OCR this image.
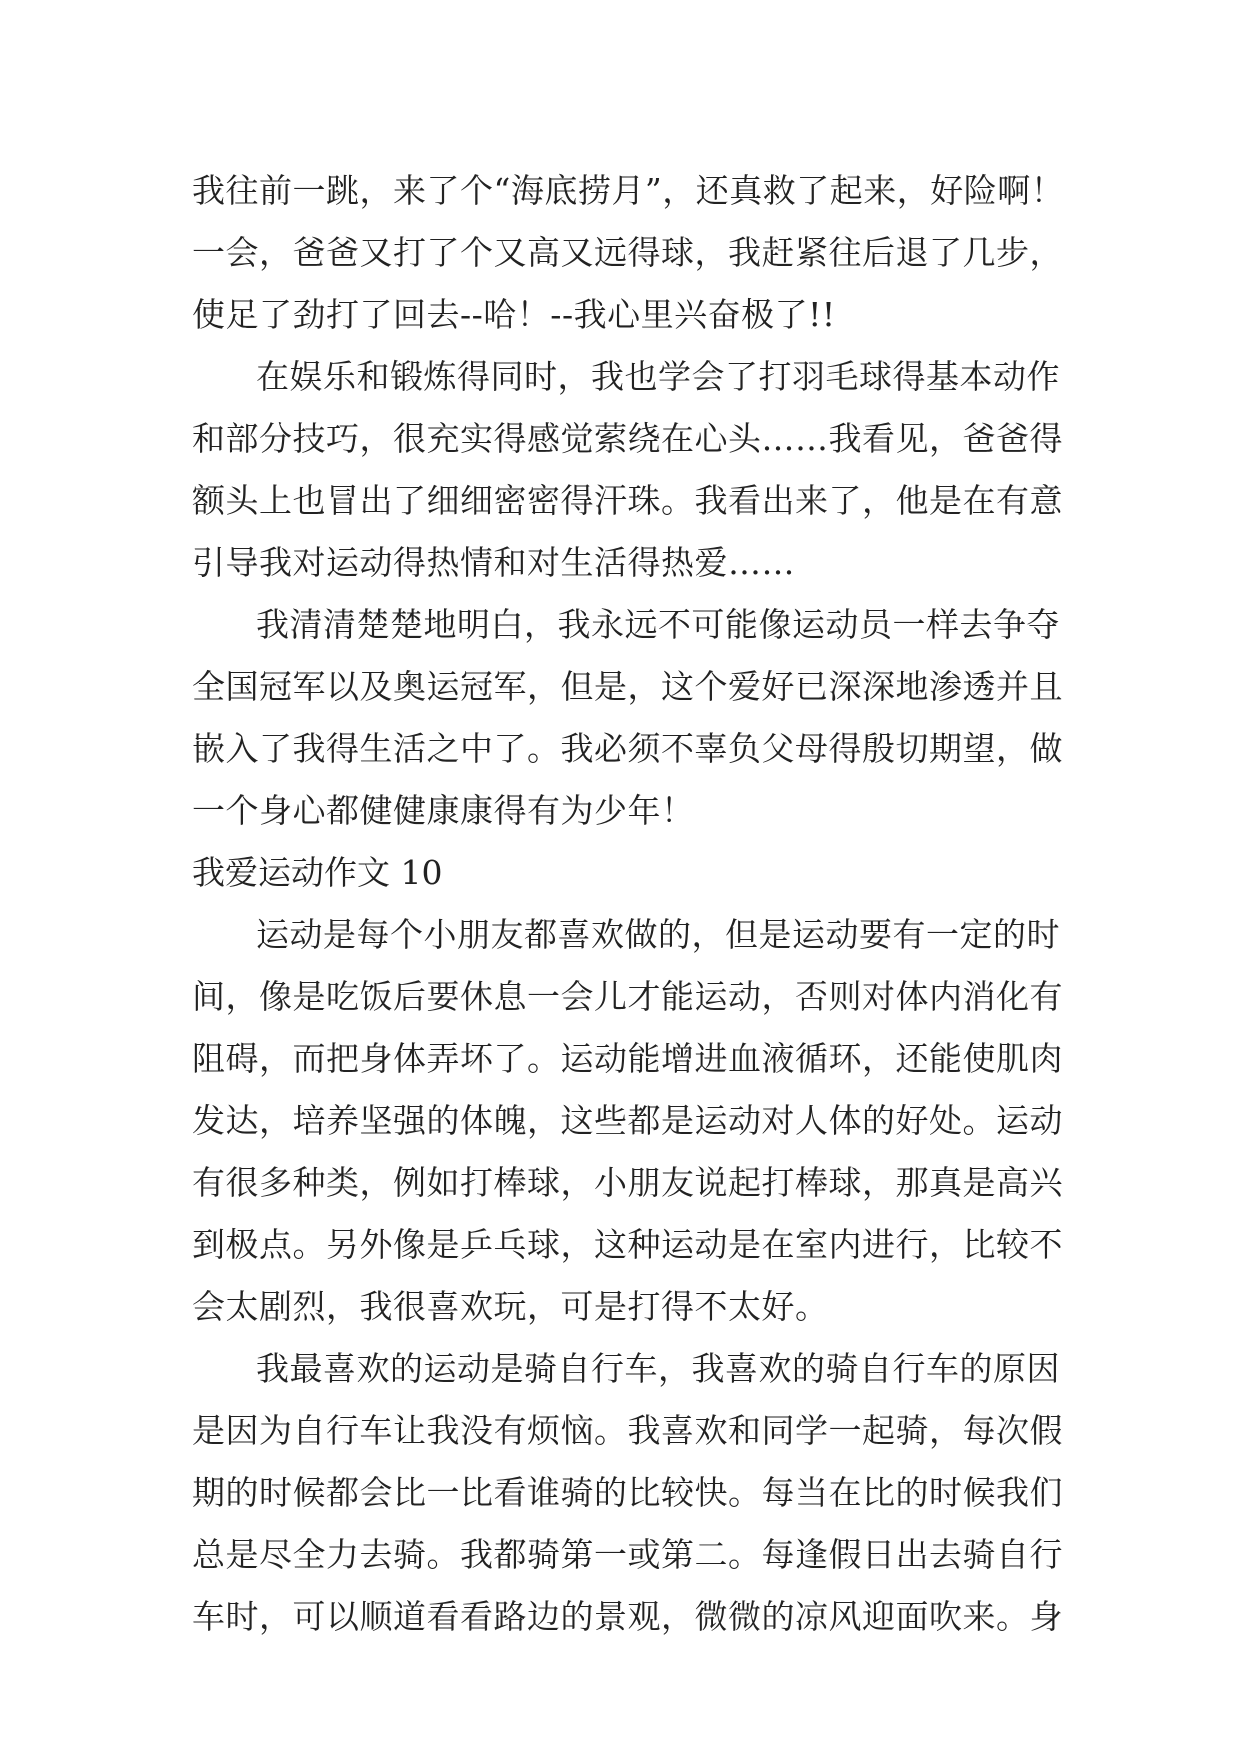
我往前一跳，来了个“海底捞月”，还真救了起来，好险啊！
一会，爸爸又打了个又高又远得球，我赶紧往后退了几步，
使足了劲打了回去--哈！--我心里兴奋极了!!
在娱乐和锻炼得同时，我也学会了打羽毛球得基本动作
和部分技巧，很充实得感觉萦绕在心头……我看见，爸爸得
额头上也冒出了细细密密得汗珠。我看出来了，他是在有意
引导我对运动得热情和对生活得热爱……
我清清楚楚地明白，我永远不可能像运动员一样去争夺
全国冠军以及奥运冠军，但是，这个爱好已深深地渗透并且
嵌入了我得生活之中了。我必须不辜负父母得殷切期望，做
一个身心都健健康康得有为少年！
我爱运动作文 10
运动是每个小朋友都喜欢做的，但是运动要有一定的时
间，像是吃饭后要休息一会儿才能运动，否则对体内消化有
阻碍，而把身体弄坏了。运动能增进血液循环，还能使肌肉
发达，培养坚强的体魄，这些都是运动对人体的好处。运动
有很多种类，例如打棒球，小朋友说起打棒球，那真是高兴
到极点。另外像是乒乓球，这种运动是在室内进行，比较不
会太剧烈，我很喜欢玩，可是打得不太好。
我最喜欢的运动是骑自行车，我喜欢的骑自行车的原因
是因为自行车让我没有烦恼。我喜欢和同学一起骑，每次假
期的时候都会比一比看谁骑的比较快。每当在比的时候我们
总是尽全力去骑。我都骑第一或第二。每逢假日出去骑自行
车时，可以顺道看看路边的景观，微微的凉风迎面吹来。身
